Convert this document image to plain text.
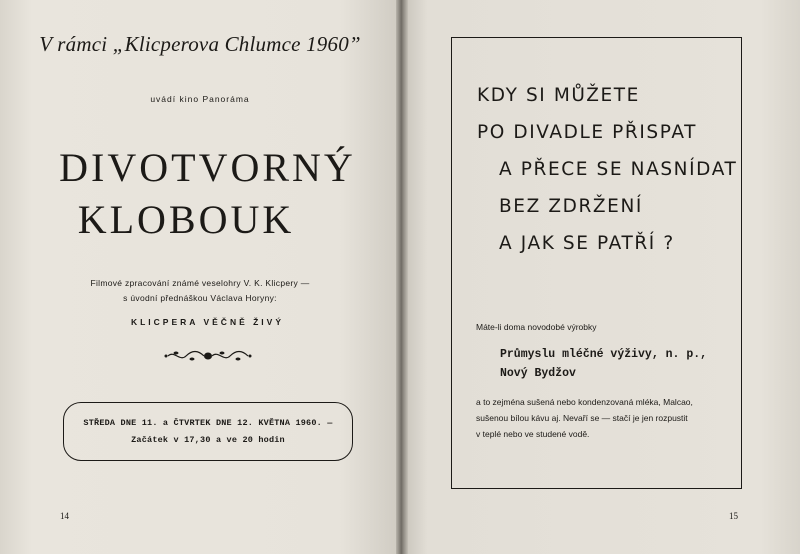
V rámci „Klicperova Chlumce 1960”
uvádí kino Panoráma
DIVOTVORNÝ
KLOBOUK
Filmové zpracování známé veselohry V. K. Klicpery —
s úvodní přednáškou Václava Horyny:
KLICPERA VĚČNĚ ŽIVÝ
STŘEDA DNE 11. a ČTVRTEK DNE 12. KVĚTNA 1960. —
Začátek v 17,30 a ve 20 hodin
14
KDY SI MŮŽETE
PO DIVADLE PŘISPAT
A PŘECE SE NASNÍDAT
BEZ ZDRŽENÍ
A JAK SE PATŘÍ ?
Máte-li doma novodobé výrobky
Průmyslu mléčné výživy, n. p.,
Nový Bydžov
a to zejména sušená nebo kondenzovaná mléka, Malcao,
sušenou bílou kávu aj. Nevaří se — stačí je jen rozpustit
v teplé nebo ve studené vodě.
15
